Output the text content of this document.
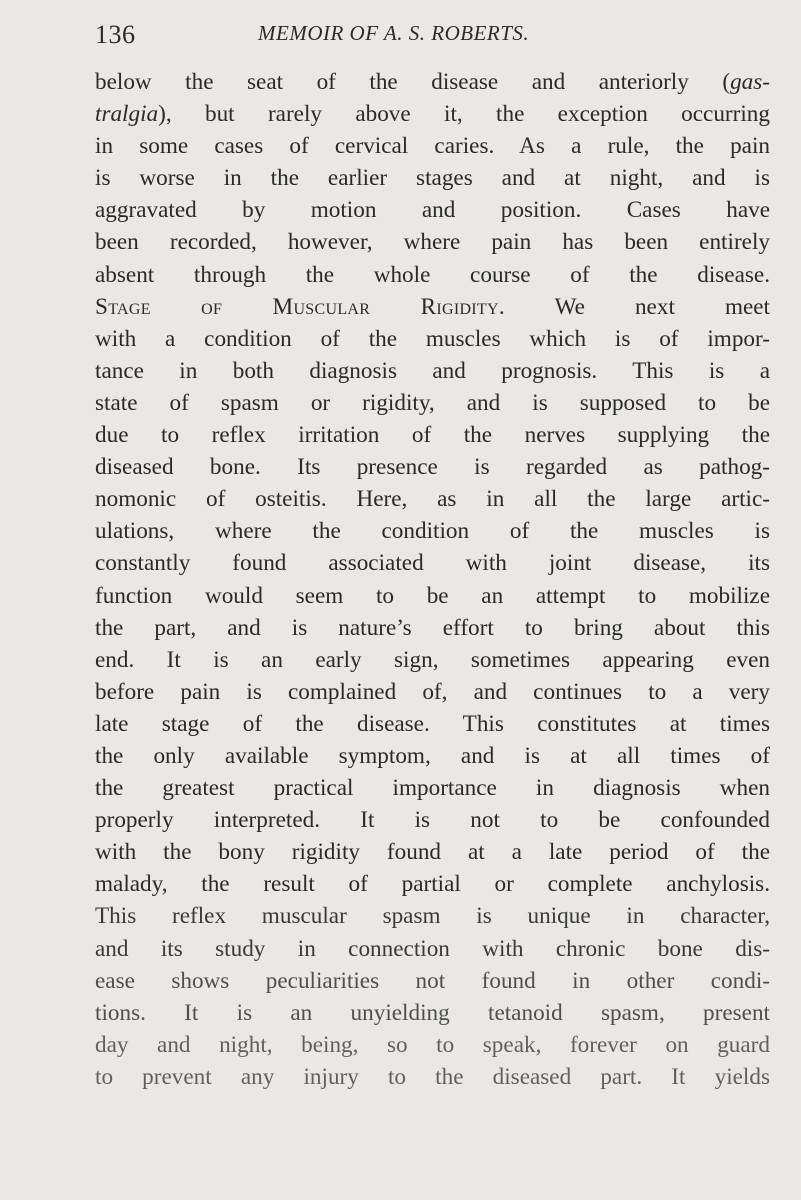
136	MEMOIR OF A. S. ROBERTS.
below the seat of the disease and anteriorly (gas-
tralgia), but rarely above it, the exception occurring
in some cases of cervical caries. As a rule, the pain
is worse in the earlier stages and at night, and is
aggravated by motion and position. Cases have
been recorded, however, where pain has been entirely
absent through the whole course of the disease.
Stage of Muscular Rigidity. We next meet
with a condition of the muscles which is of impor-
tance in both diagnosis and prognosis. This is a
state of spasm or rigidity, and is supposed to be
due to reflex irritation of the nerves supplying the
diseased bone. Its presence is regarded as pathog-
nomonic of osteitis. Here, as in all the large artic-
ulations, where the condition of the muscles is
constantly found associated with joint disease, its
function would seem to be an attempt to mobilize
the part, and is nature’s effort to bring about this
end. It is an early sign, sometimes appearing even
before pain is complained of, and continues to a very
late stage of the disease. This constitutes at times
the only available symptom, and is at all times of
the greatest practical importance in diagnosis when
properly interpreted. It is not to be confounded
with the bony rigidity found at a late period of the
malady, the result of partial or complete anchylosis.
This reflex muscular spasm is unique in character,
and its study in connection with chronic bone dis-
ease shows peculiarities not found in other condi-
tions. It is an unyielding tetanoid spasm, present
day and night, being, so to speak, forever on guard
to prevent any injury to the diseased part. It yields
